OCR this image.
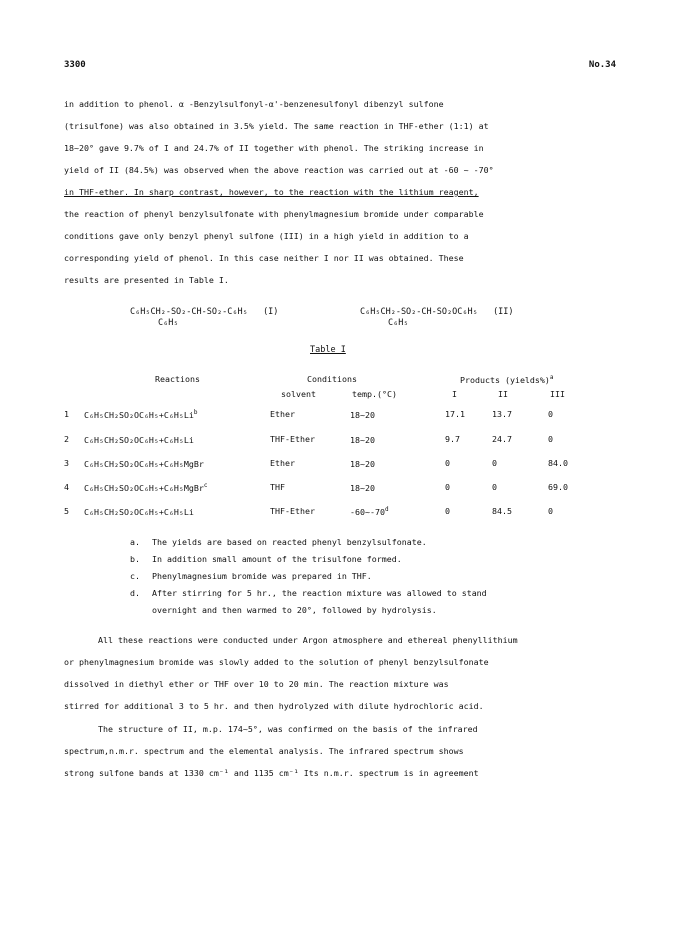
3300	No.34

in addition to phenol. α -Benzylsulfonyl-α'-benzenesulfonyl dibenzyl sulfone

(trisulfone) was also obtained in 3.5% yield. The same reaction in THF-ether (1:1) at

18~20° gave 9.7% of I and 24.7% of II together with phenol. The striking increase in

yield of II (84.5%) was observed when the above reaction was carried out at -60 ~ -70°

in THF-ether. In sharp contrast, however, to the reaction with the lithium reagent,

the reaction of phenyl benzylsulfonate with phenylmagnesium bromide under comparable

conditions gave only benzyl phenyl sulfone (III) in a high yield in addition to a

corresponding yield of phenol. In this case neither I nor II was obtained. These

results are presented in Table I.

C₆H₅CH₂-SO₂-CH-SO₂-C₆H₅ (I)
C₆H₅
C₆H₅CH₂-SO₂-CH-SO₂OC₆H₅ (II)
C₆H₅
Table I
Reactions	Conditions	Products (yields%)$^a$
solvent	temp.(°C)	I	II	III
1 $C_6H_5CH_2SO_2OC_6H_5+C_6H_5Li^b$	Ether	18~20	17.1	13.7	0
2 C₆H₅CH₂SO₂OC₆H₅+C₆H₅Li	THF-Ether	18~20	9.7	24.7	0
3 C₆H₅CH₂SO₂OC₆H₅+C₆H₅MgBr	Ether	18~20	0	0	84.0
4 C₆H₅CH₂SO₂OC₆H₅+C₆H₅MgBr$^c$	THF	18~20	0	0	69.0
5 C₆H₅CH₂SO₂OC₆H₅+C₆H₅Li	THF-Ether	-60~-70$^d$	0	84.5	0
a. The yields are based on reacted phenyl benzylsulfonate.
b. In addition small amount of the trisulfone formed.
c. Phenylmagnesium bromide was prepared in THF.
d. After stirring for 5 hr., the reaction mixture was allowed to stand
overnight and then warmed to 20°, followed by hydrolysis.

All these reactions were conducted under Argon atmosphere and ethereal phenyllithium

or phenylmagnesium bromide was slowly added to the solution of phenyl benzylsulfonate

dissolved in diethyl ether or THF over 10 to 20 min. The reaction mixture was

stirred for additional 3 to 5 hr. and then hydrolyzed with dilute hydrochloric acid.

The structure of II, m.p. 174~5°, was confirmed on the basis of the infrared

spectrum,n.m.r. spectrum and the elemental analysis. The infrared spectrum shows

strong sulfone bands at 1330 cm⁻¹ and 1135 cm⁻¹ Its n.m.r. spectrum is in agreement
